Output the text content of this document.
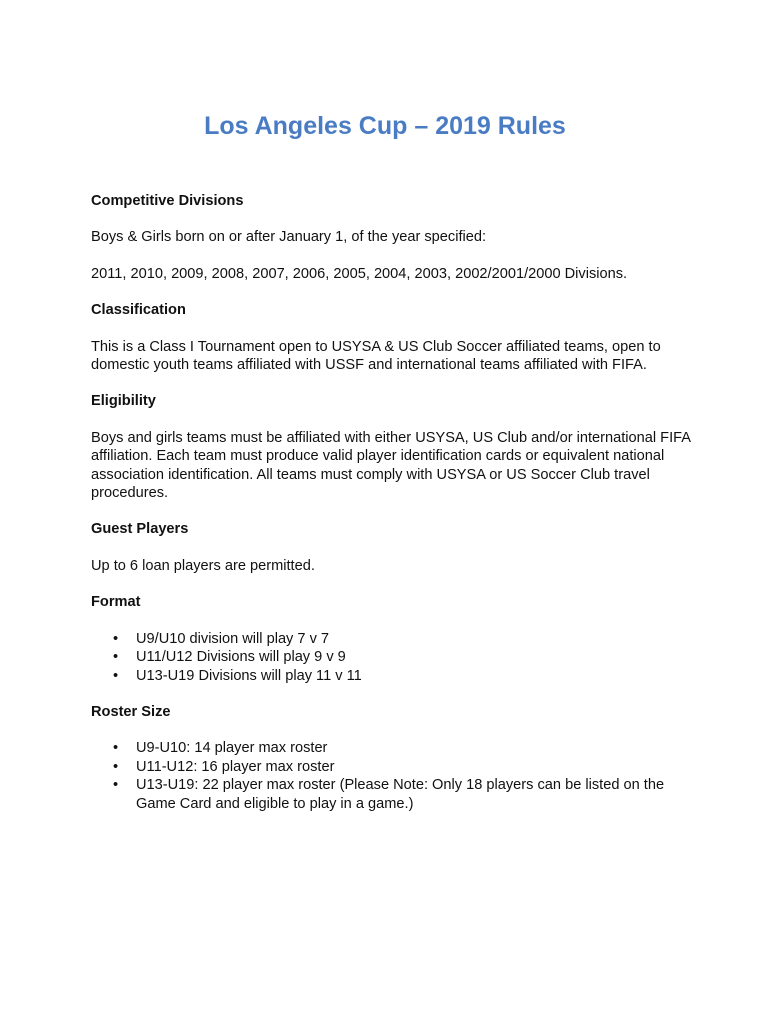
Los Angeles Cup – 2019 Rules

Competitive Divisions

Boys & Girls born on or after January 1, of the year specified:

2011, 2010, 2009, 2008, 2007, 2006, 2005, 2004, 2003, 2002/2001/2000 Divisions.

Classification

This is a Class I Tournament open to USYSA & US Club Soccer affiliated teams, open to domestic youth teams affiliated with USSF and international teams affiliated with FIFA.

Eligibility

Boys and girls teams must be affiliated with either USYSA, US Club and/or international FIFA affiliation. Each team must produce valid player identification cards or equivalent national association identification. All teams must comply with USYSA or US Soccer Club travel procedures.

Guest Players

Up to 6 loan players are permitted.

Format

• U9/U10 division will play 7 v 7
• U11/U12 Divisions will play 9 v 9
• U13-U19 Divisions will play 11 v 11

Roster Size

• U9-U10: 14 player max roster
• U11-U12: 16 player max roster
• U13-U19: 22 player max roster (Please Note: Only 18 players can be listed on the Game Card and eligible to play in a game.)
